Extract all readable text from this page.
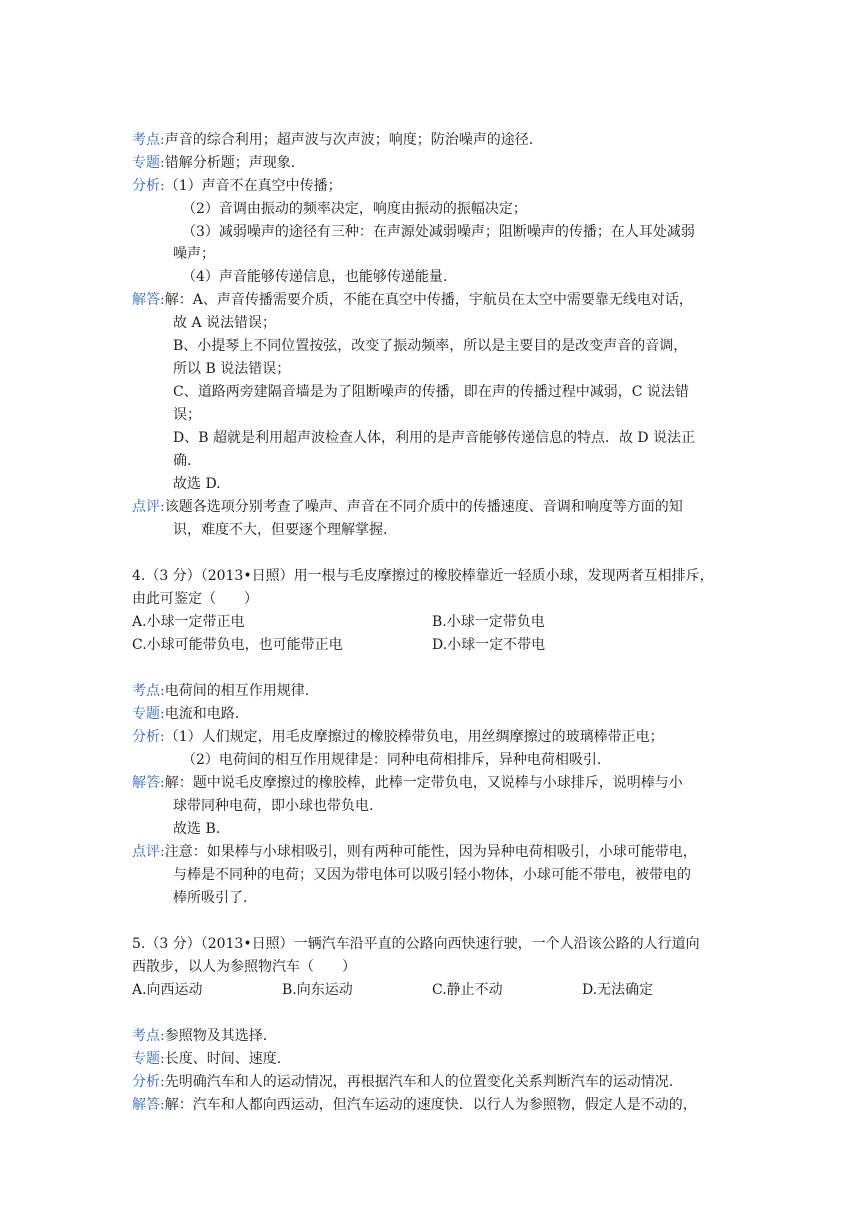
考点:声音的综合利用；超声波与次声波；响度；防治噪声的途径.
专题:错解分析题；声现象.
分析:（1）声音不在真空中传播；
（2）音调由振动的频率决定，响度由振动的振幅决定；
（3）减弱噪声的途径有三种：在声源处减弱噪声；阻断噪声的传播；在人耳处减弱
噪声；
（4）声音能够传递信息，也能够传递能量.
解答:解：A、声音传播需要介质，不能在真空中传播，宇航员在太空中需要靠无线电对话，
故 A 说法错误；
B、小提琴上不同位置按弦，改变了振动频率，所以是主要目的是改变声音的音调，
所以 B 说法错误；
C、道路两旁建隔音墙是为了阻断噪声的传播，即在声的传播过程中减弱，C 说法错
误；
D、B 超就是利用超声波检查人体，利用的是声音能够传递信息的特点．故 D 说法正
确.
故选 D.
点评:该题各选项分别考查了噪声、声音在不同介质中的传播速度、音调和响度等方面的知
识，难度不大，但要逐个理解掌握.
4.（3 分）（2013•日照）用一根与毛皮摩擦过的橡胶棒靠近一轻质小球，发现两者互相排斥，
由此可鉴定（　　）
A.小球一定带正电	B.小球一定带负电
C.小球可能带负电，也可能带正电	D.小球一定不带电
考点:电荷间的相互作用规律.
专题:电流和电路.
分析:（1）人们规定，用毛皮摩擦过的橡胶棒带负电，用丝绸摩擦过的玻璃棒带正电；
（2）电荷间的相互作用规律是：同种电荷相排斥，异种电荷相吸引.
解答:解：题中说毛皮摩擦过的橡胶棒，此棒一定带负电，又说棒与小球排斥，说明棒与小
球带同种电荷，即小球也带负电.
故选 B.
点评:注意：如果棒与小球相吸引，则有两种可能性，因为异种电荷相吸引，小球可能带电，
与棒是不同种的电荷；又因为带电体可以吸引轻小物体，小球可能不带电，被带电的
棒所吸引了.
5.（3 分）（2013•日照）一辆汽车沿平直的公路向西快速行驶，一个人沿该公路的人行道向
西散步，以人为参照物汽车（　　）
A.向西运动	B.向东运动	C.静止不动	D.无法确定
考点:参照物及其选择.
专题:长度、时间、速度.
分析:先明确汽车和人的运动情况，再根据汽车和人的位置变化关系判断汽车的运动情况.
解答:解：汽车和人都向西运动，但汽车运动的速度快．以行人为参照物，假定人是不动的，
